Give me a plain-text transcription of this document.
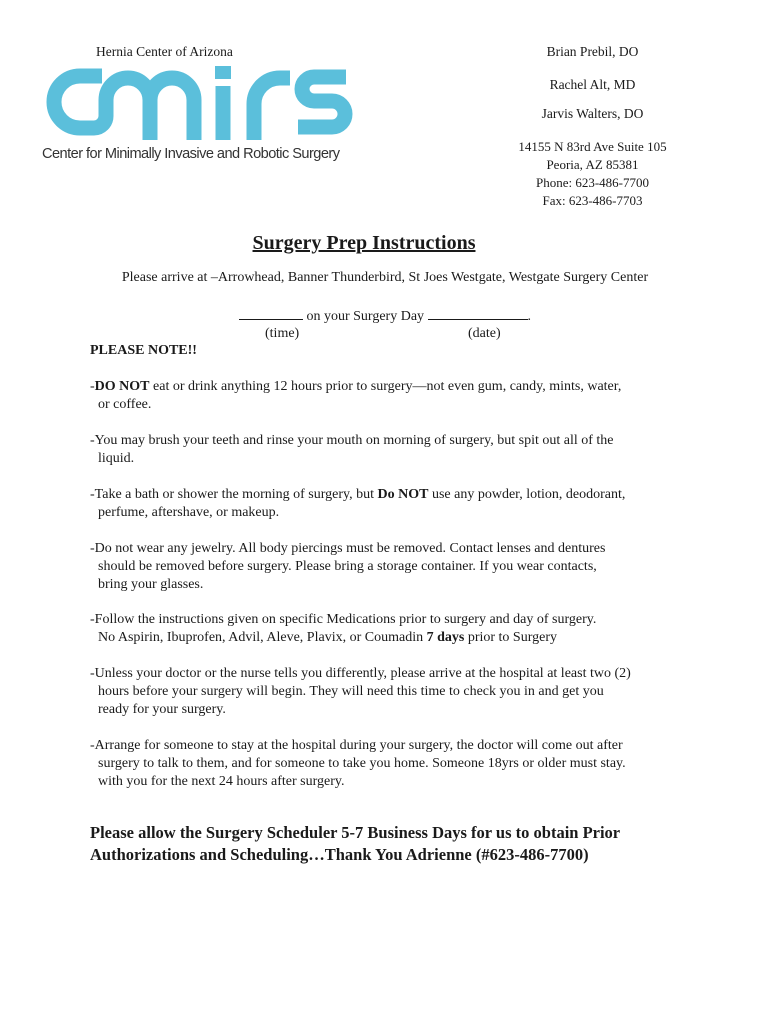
Hernia Center of Arizona
Center for Minimally Invasive and Robotic Surgery
Brian Prebil, DO
Rachel Alt, MD
Jarvis Walters, DO
14155 N 83rd Ave Suite 105
Peoria, AZ 85381
Phone: 623-486-7700
Fax: 623-486-7703
Surgery Prep Instructions
Please arrive at –Arrowhead, Banner Thunderbird, St Joes Westgate, Westgate Surgery Center
on your Surgery Day	.
(time)	(date)
PLEASE NOTE!!
-DO NOT eat or drink anything 12 hours prior to surgery—not even gum, candy, mints, water,
or coffee.
-You may brush your teeth and rinse your mouth on morning of surgery, but spit out all of the
liquid.
-Take a bath or shower the morning of surgery, but Do NOT use any powder, lotion, deodorant,
perfume, aftershave, or makeup.
-Do not wear any jewelry. All body piercings must be removed. Contact lenses and dentures
should be removed before surgery. Please bring a storage container. If you wear contacts,
bring your glasses.
-Follow the instructions given on specific Medications prior to surgery and day of surgery.
No Aspirin, Ibuprofen, Advil, Aleve, Plavix, or Coumadin 7 days prior to Surgery
-Unless your doctor or the nurse tells you differently, please arrive at the hospital at least two (2)
hours before your surgery will begin. They will need this time to check you in and get you
ready for your surgery.
-Arrange for someone to stay at the hospital during your surgery, the doctor will come out after
surgery to talk to them, and for someone to take you home. Someone 18yrs or older must stay.
with you for the next 24 hours after surgery.
Please allow the Surgery Scheduler 5-7 Business Days for us to obtain Prior
Authorizations and Scheduling…Thank You Adrienne (#623-486-7700)
